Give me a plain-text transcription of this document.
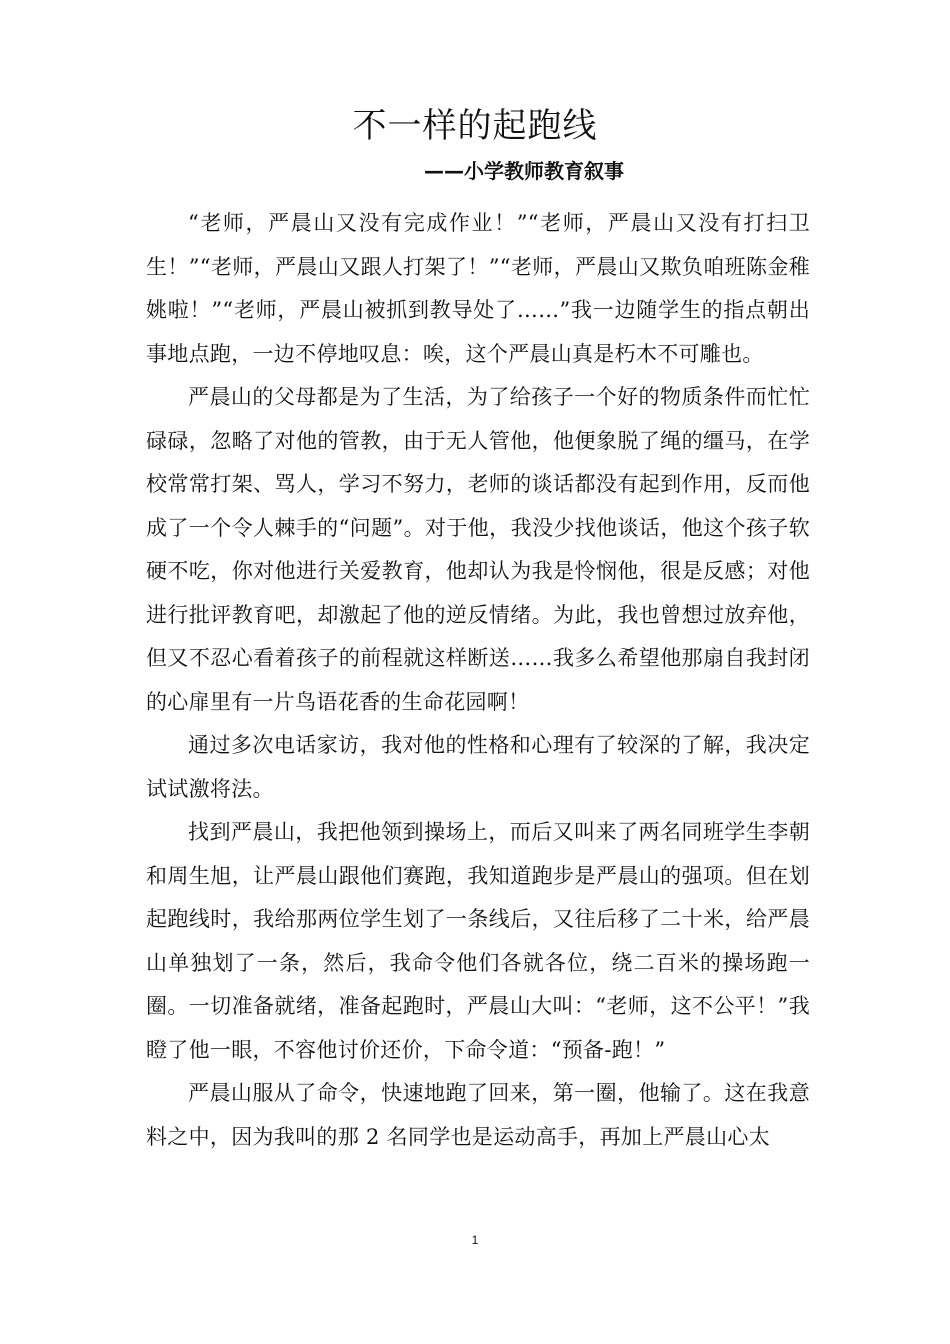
不一样的起跑线
——小学教师教育叙事

“老师，严晨山又没有完成作业！”“老师，严晨山又没有打扫卫生！”“老师，严晨山又跟人打架了！”“老师，严晨山又欺负咱班陈金稚姚啦！”“老师，严晨山被抓到教导处了……”我一边随学生的指点朝出事地点跑，一边不停地叹息：唉，这个严晨山真是朽木不可雕也。

严晨山的父母都是为了生活，为了给孩子一个好的物质条件而忙忙碌碌，忽略了对他的管教，由于无人管他，他便象脱了绳的缰马，在学校常常打架、骂人，学习不努力，老师的谈话都没有起到作用，反而他成了一个令人棘手的“问题”。对于他，我没少找他谈话，他这个孩子软硬不吃，你对他进行关爱教育，他却认为我是怜悯他，很是反感；对他进行批评教育吧，却激起了他的逆反情绪。为此，我也曾想过放弃他，但又不忍心看着孩子的前程就这样断送……我多么希望他那扇自我封闭的心扉里有一片鸟语花香的生命花园啊！

通过多次电话家访，我对他的性格和心理有了较深的了解，我决定试试激将法。

找到严晨山，我把他领到操场上，而后又叫来了两名同班学生李朝和周生旭，让严晨山跟他们赛跑，我知道跑步是严晨山的强项。但在划起跑线时，我给那两位学生划了一条线后，又往后移了二十米，给严晨山单独划了一条，然后，我命令他们各就各位，绕二百米的操场跑一圈。一切准备就绪，准备起跑时，严晨山大叫：“老师，这不公平！”我瞪了他一眼，不容他讨价还价，下命令道：“预备-跑！”

严晨山服从了命令，快速地跑了回来，第一圈，他输了。这在我意料之中，因为我叫的那 2 名同学也是运动高手，再加上严晨山心太

1
